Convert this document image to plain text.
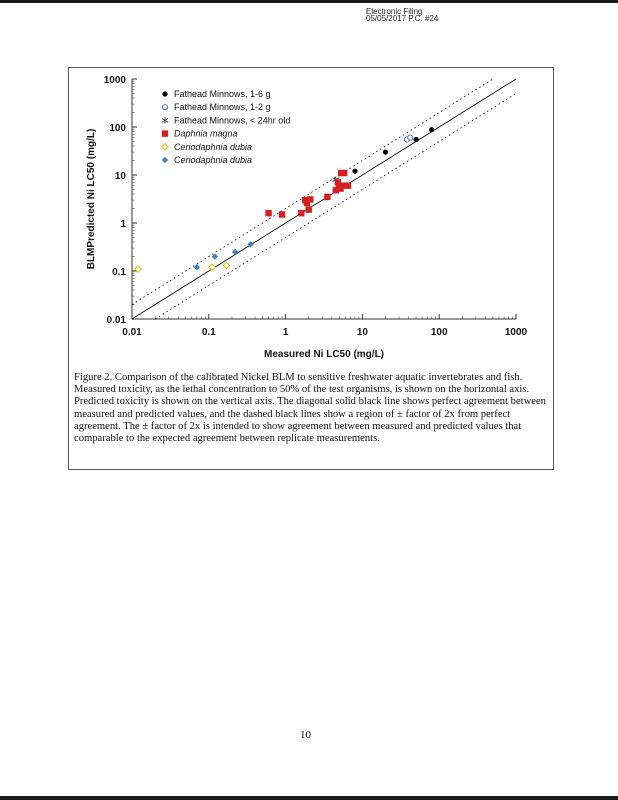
Electronic Filing
05/05/2017 P.C. #24
0.01	0.1	1	10	100	1000
0.01
0.1
1
10
100
1000
Measured Ni LC50 (mg/L)
BLMPredicted Ni LC50 (mg/L)
Fathead Minnows, 1-6 g
Fathead Minnows, 1-2 g
Fathead Minnows, < 24hr old
Daphnia magna
Ceriodaphnia dubia
Ceriodaphnia dubia
Figure 2. Comparison of the calibrated Nickel BLM to sensitive freshwater aquatic invertebrates and fish. Measured toxicity, as the lethal concentration to 50% of the test organisms, is shown on the horizontal axis. Predicted toxicity is shown on the vertical axis. The diagonal solid black line shows perfect agreement between measured and predicted values, and the dashed black lines show a region of ± factor of 2x from perfect agreement. The ± factor of 2x is intended to show agreement between measured and predicted values that comparable to the expected agreement between replicate measurements.
10
